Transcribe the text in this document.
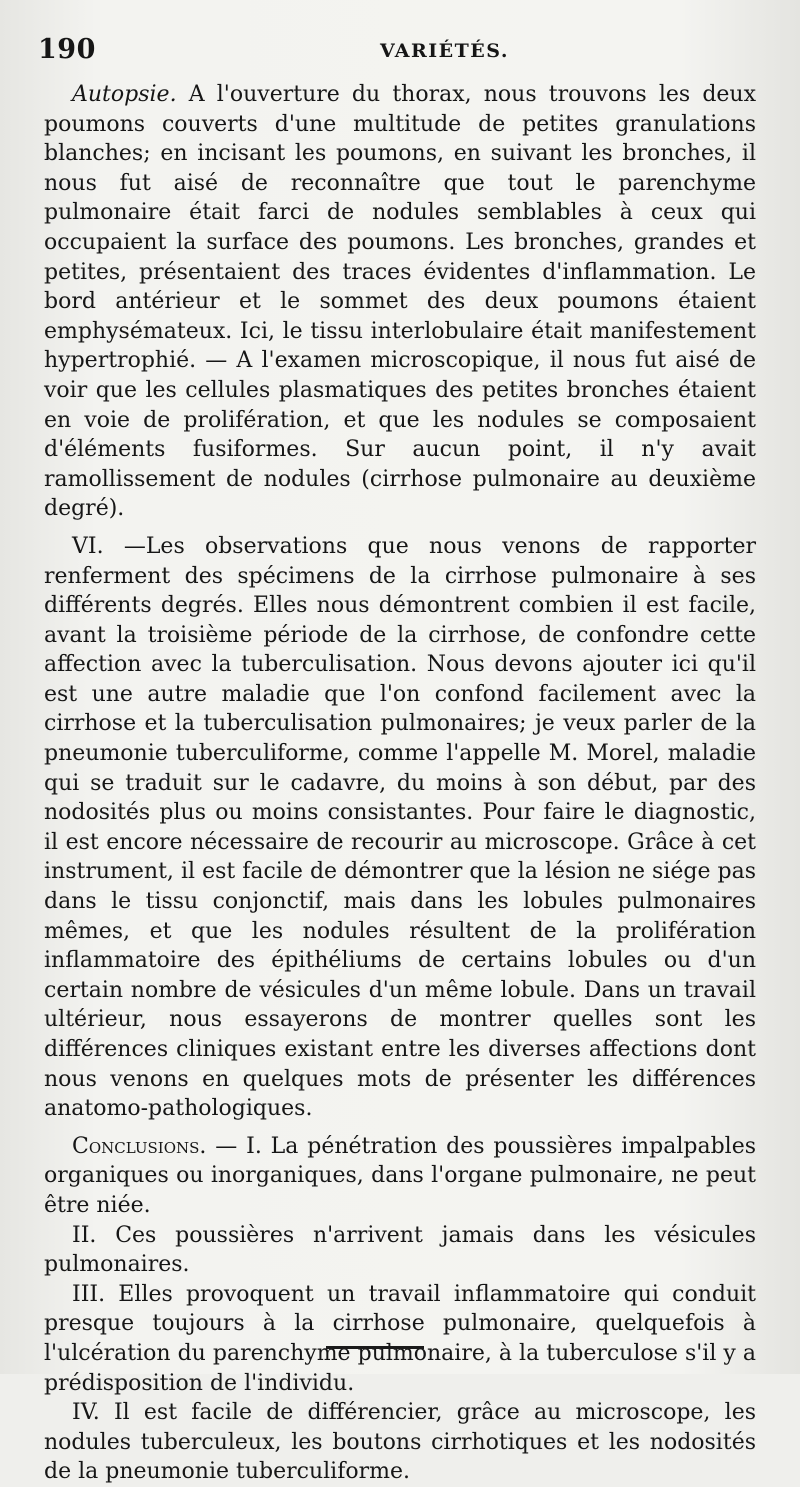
190	VARIÉTÉS.

Autopsie. A l'ouverture du thorax, nous trouvons les deux poumons couverts d'une multitude de petites granulations blanches; en incisant les poumons, en suivant les bronches, il nous fut aisé de reconnaître que tout le parenchyme pulmonaire était farci de nodules semblables à ceux qui occupaient la surface des poumons. Les bronches, grandes et petites, présentaient des traces évidentes d'inflammation. Le bord antérieur et le sommet des deux poumons étaient emphysémateux. Ici, le tissu interlobulaire était manifestement hypertrophié. — A l'examen microscopique, il nous fut aisé de voir que les cellules plasmatiques des petites bronches étaient en voie de prolifération, et que les nodules se composaient d'éléments fusiformes. Sur aucun point, il n'y avait ramollissement de nodules (cirrhose pulmonaire au deuxième degré).

VI. —Les observations que nous venons de rapporter renferment des spécimens de la cirrhose pulmonaire à ses différents degrés. Elles nous démontrent combien il est facile, avant la troisième période de la cirrhose, de confondre cette affection avec la tuberculisation. Nous devons ajouter ici qu'il est une autre maladie que l'on confond facilement avec la cirrhose et la tuberculisation pulmonaires; je veux parler de la pneumonie tuberculiforme, comme l'appelle M. Morel, maladie qui se traduit sur le cadavre, du moins à son début, par des nodosités plus ou moins consistantes. Pour faire le diagnostic, il est encore nécessaire de recourir au microscope. Grâce à cet instrument, il est facile de démontrer que la lésion ne siége pas dans le tissu conjonctif, mais dans les lobules pulmonaires mêmes, et que les nodules résultent de la prolifération inflammatoire des épithéliums de certains lobules ou d'un certain nombre de vésicules d'un même lobule. Dans un travail ultérieur, nous essayerons de montrer quelles sont les différences cliniques existant entre les diverses affections dont nous venons en quelques mots de présenter les différences anatomo-pathologiques.

Conclusions. — I. La pénétration des poussières impalpables organiques ou inorganiques, dans l'organe pulmonaire, ne peut être niée.

II. Ces poussières n'arrivent jamais dans les vésicules pulmonaires.

III. Elles provoquent un travail inflammatoire qui conduit presque toujours à la cirrhose pulmonaire, quelquefois à l'ulcération du parenchyme pulmonaire, à la tuberculose s'il y a prédisposition de l'individu.

IV. Il est facile de différencier, grâce au microscope, les nodules tuberculeux, les boutons cirrhotiques et les nodosités de la pneumonie tuberculiforme.
